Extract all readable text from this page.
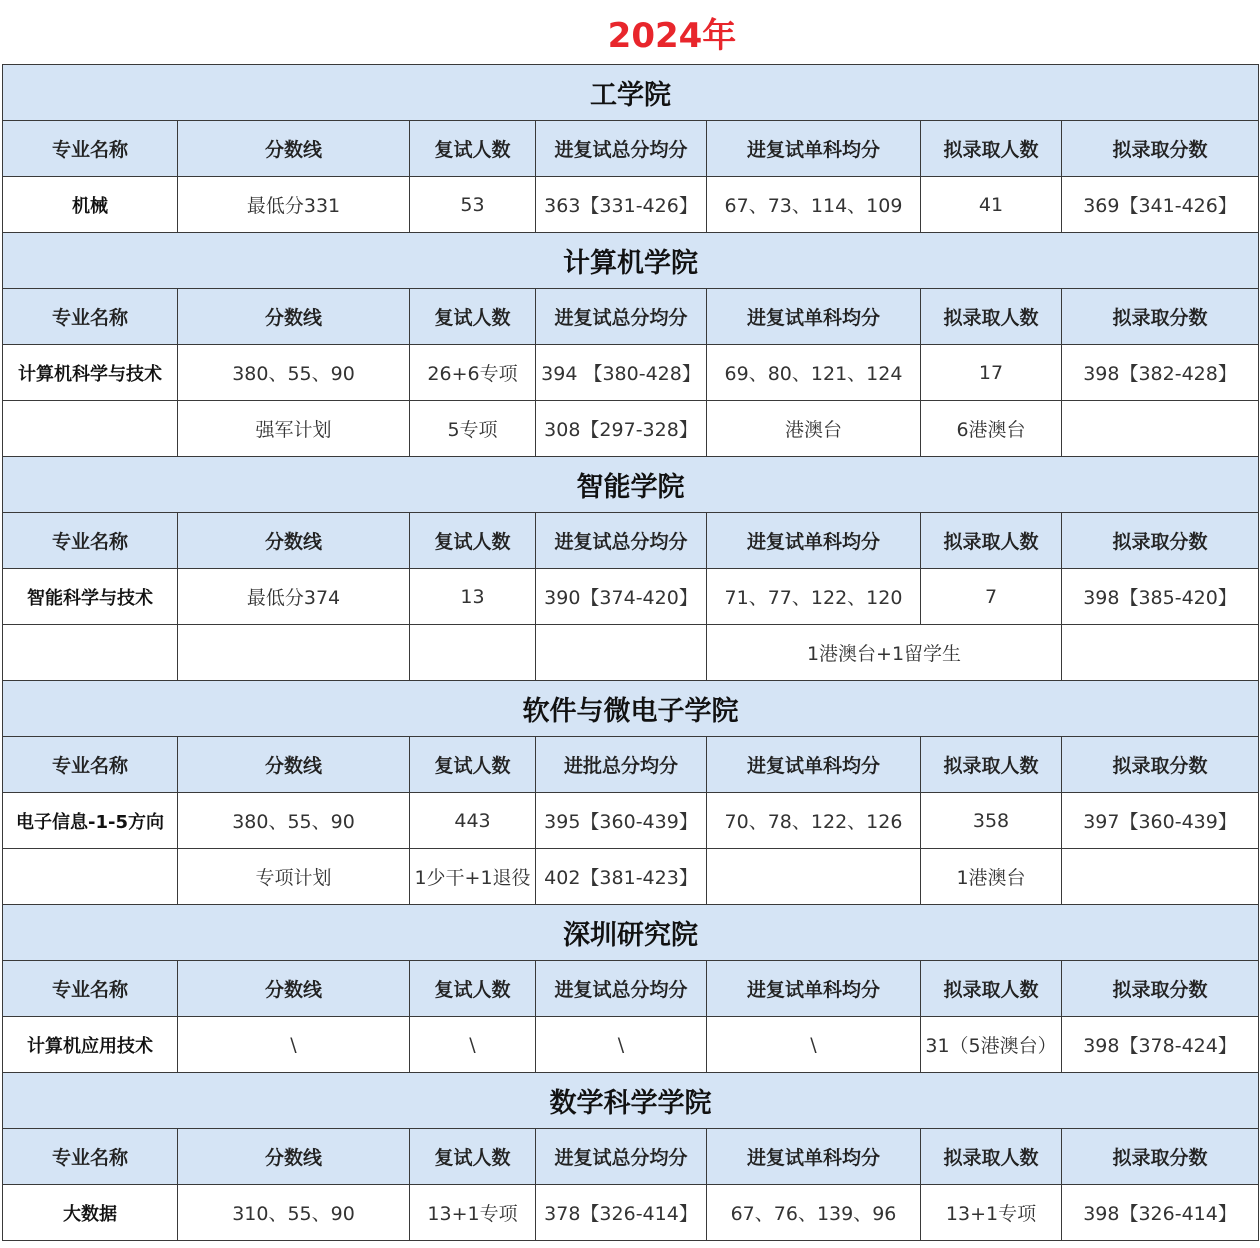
2024年
工学院						
专业名称	分数线	复试人数	进复试总分均分	进复试单科均分	拟录取人数	拟录取分数
机械	最低分331	53	363【331-426】	67、73、114、109	41	369【341-426】
计算机学院						
专业名称	分数线	复试人数	进复试总分均分	进复试单科均分	拟录取人数	拟录取分数
计算机科学与技术	380、55、90	26+6专项	394 【380-428】	69、80、121、124	17	398【382-428】
	强军计划	5专项	308【297-328】	港澳台	6港澳台	
智能学院						
专业名称	分数线	复试人数	进复试总分均分	进复试单科均分	拟录取人数	拟录取分数
智能科学与技术	最低分374	13	390【374-420】	71、77、122、120	7	398【385-420】
				1港澳台+1留学生		
软件与微电子学院						
专业名称	分数线	复试人数	进批总分均分	进复试单科均分	拟录取人数	拟录取分数
电子信息-1-5方向	380、55、90	443	395【360-439】	70、78、122、126	358	397【360-439】
	专项计划	1少干+1退役	402【381-423】		1港澳台	
深圳研究院						
专业名称	分数线	复试人数	进复试总分均分	进复试单科均分	拟录取人数	拟录取分数
计算机应用技术	\	\	\	\	31（5港澳台）	398【378-424】
数学科学学院						
专业名称	分数线	复试人数	进复试总分均分	进复试单科均分	拟录取人数	拟录取分数
大数据	310、55、90	13+1专项	378【326-414】	67、76、139、96	13+1专项	398【326-414】
